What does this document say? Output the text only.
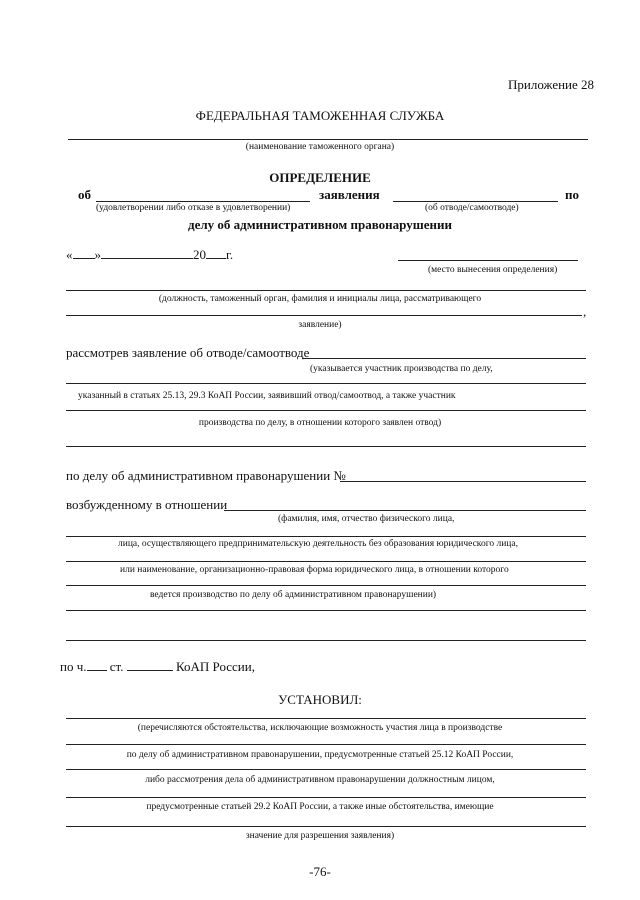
Приложение 28
ФЕДЕРАЛЬНАЯ ТАМОЖЕННАЯ СЛУЖБА
(наименование таможенного органа)
ОПРЕДЕЛЕНИЕ
об	заявления	по
(удовлетворении либо отказе в удовлетворении)	(об отводе/самоотводе)
делу об административном правонарушении
« »	20 г.
(место вынесения определения)
(должность, таможенный орган, фамилия и инициалы лица, рассматривающего
,
заявление)
рассмотрев заявление об отводе/самоотводе
(указывается участник производства по делу,
указанный в статьях 25.13, 29.3 КоАП России, заявивший отвод/самоотвод, а также участник
производства по делу, в отношении которого заявлен отвод)
по делу об административном правонарушении №
возбужденному в отношении
(фамилия, имя, отчество физического лица,
лица, осуществляющего предпринимательскую деятельность без образования юридического лица,
или наименование, организационно-правовая форма юридического лица, в отношении которого
ведется производство по делу об административном правонарушении)
по ч. ст.	КоАП России,
УСТАНОВИЛ:
(перечисляются обстоятельства, исключающие возможность участия лица в производстве
по делу об административном правонарушении, предусмотренные статьей 25.12 КоАП России,
либо рассмотрения дела об административном правонарушении должностным лицом,
предусмотренные статьей 29.2 КоАП России, а также иные обстоятельства, имеющие
значение для разрешения заявления)
-76-
